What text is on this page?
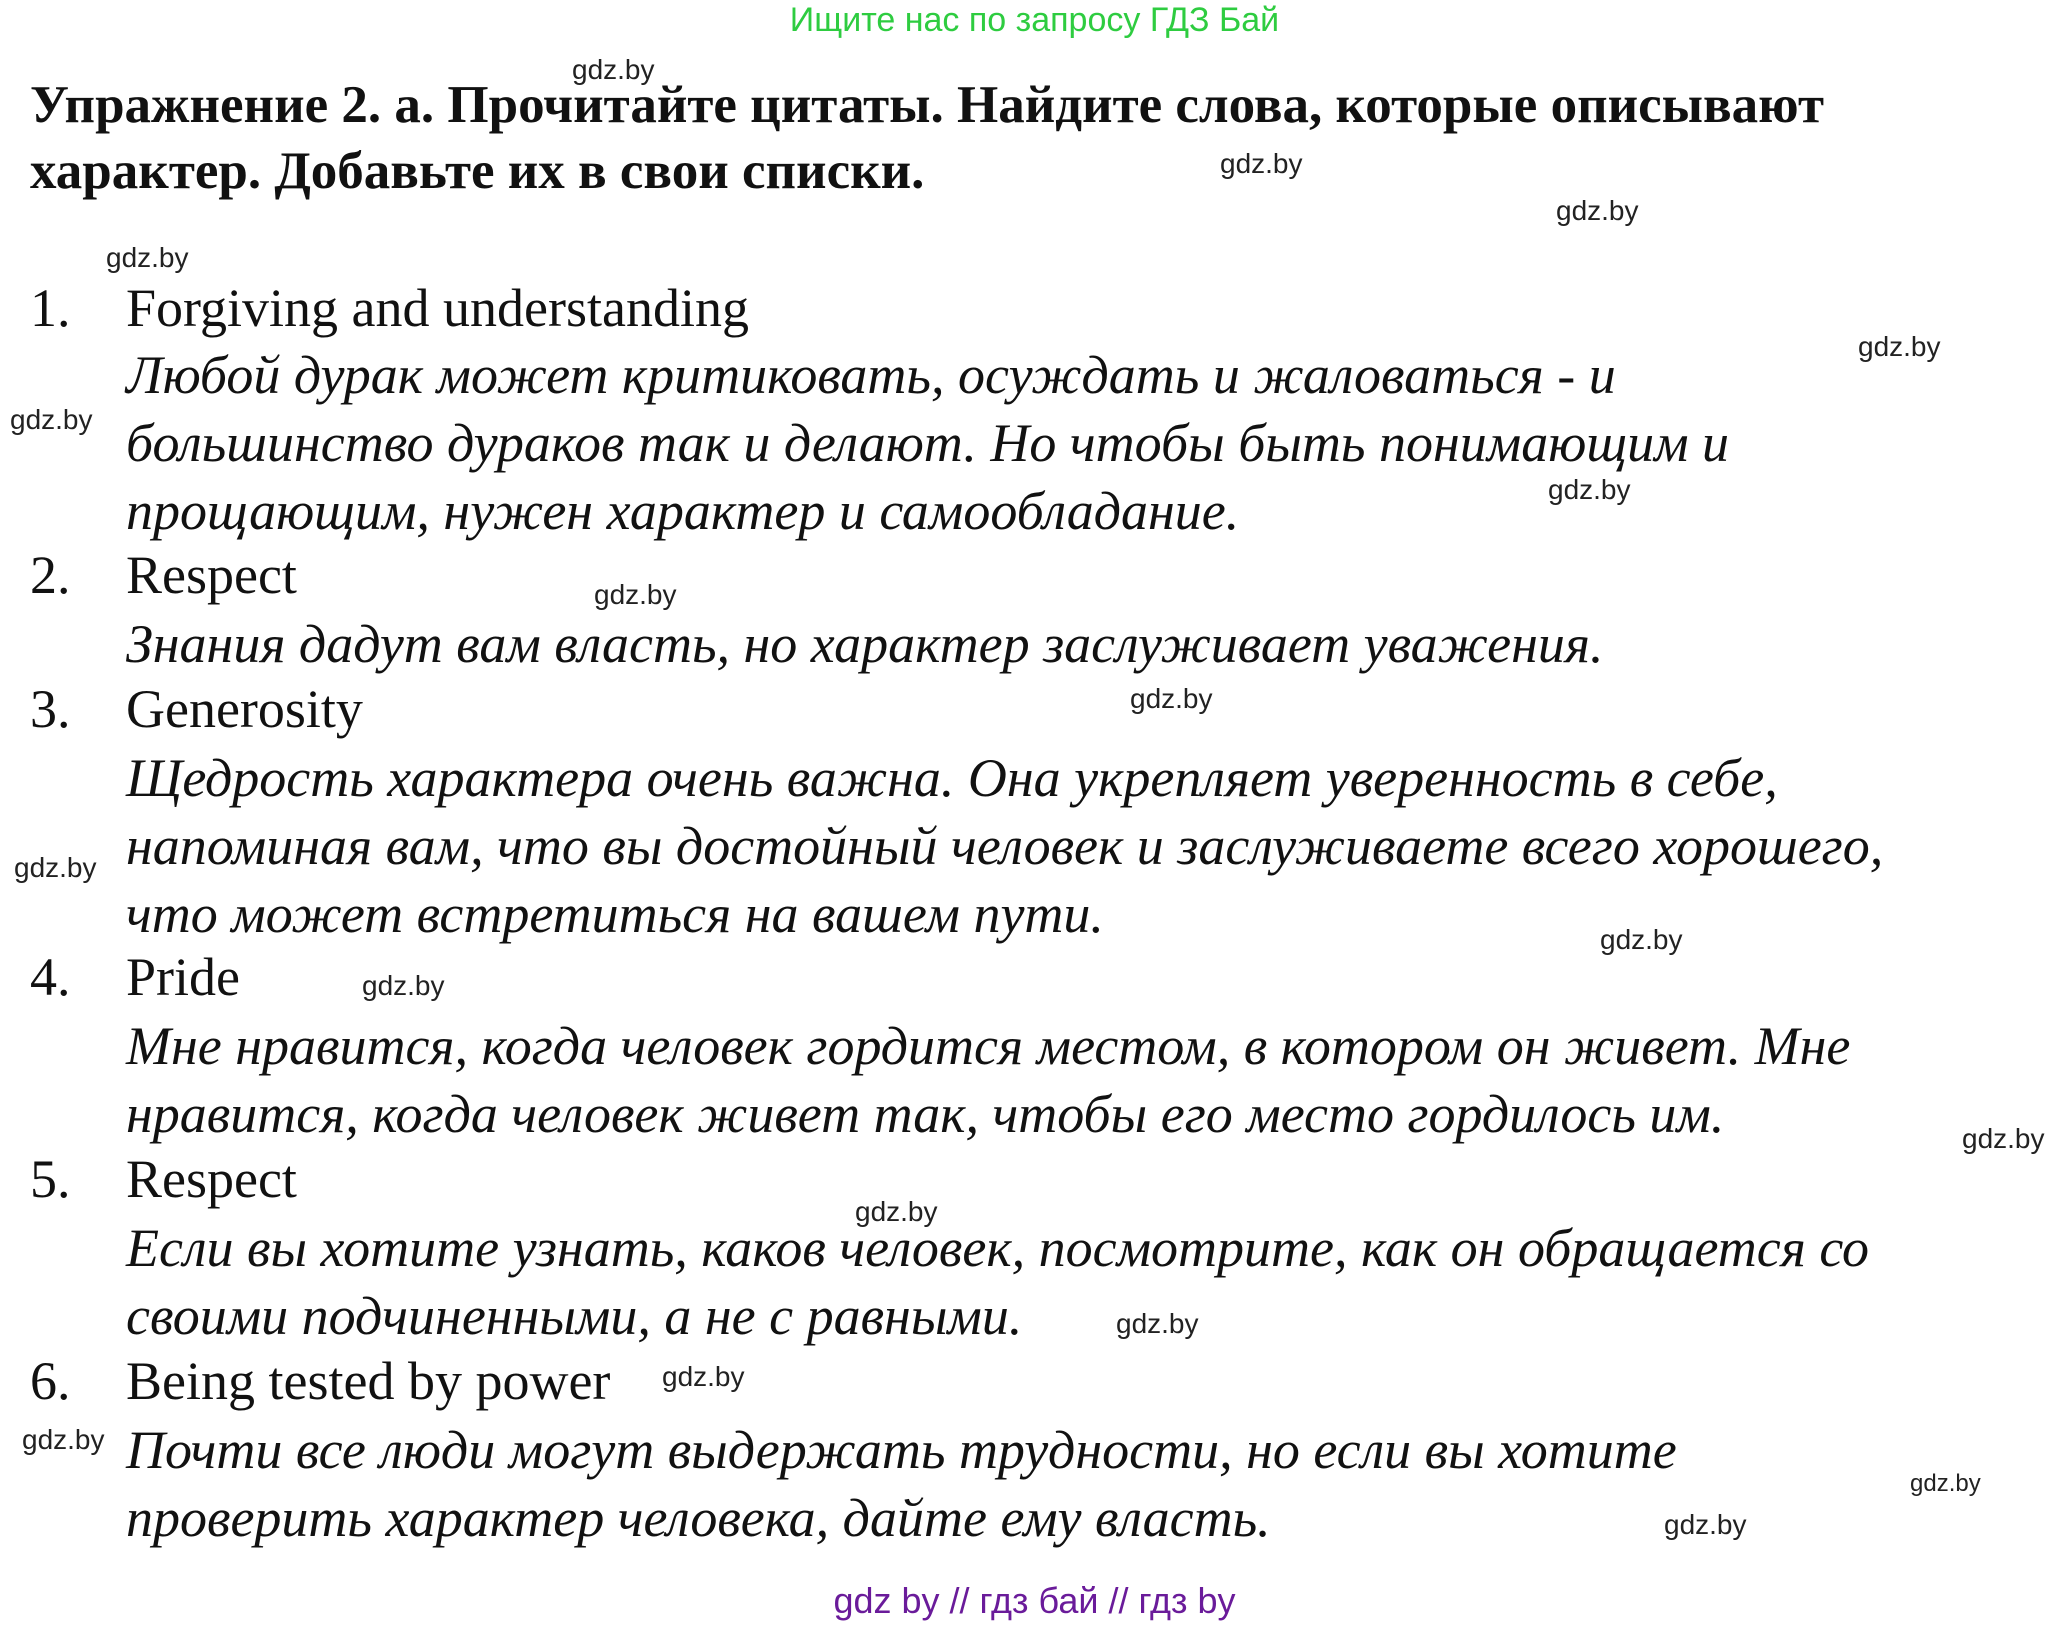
Ищите нас по запросу ГДЗ Бай
Упражнение 2. а. Прочитайте цитаты. Найдите слова, которые описывают
характер. Добавьте их в свои списки.
1. Forgiving and understanding
Любой дурак может критиковать, осуждать и жаловаться - и
большинство дураков так и делают. Но чтобы быть понимающим и
прощающим, нужен характер и самообладание.
2. Respect
Знания дадут вам власть, но характер заслуживает уважения.
3. Generosity
Щедрость характера очень важна. Она укрепляет уверенность в себе,
напоминая вам, что вы достойный человек и заслуживаете всего хорошего,
что может встретиться на вашем пути.
4. Pride
Мне нравится, когда человек гордится местом, в котором он живет. Мне
нравится, когда человек живет так, чтобы его место гордилось им.
5. Respect
Если вы хотите узнать, каков человек, посмотрите, как он обращается со
своими подчиненными, а не с равными.
6. Being tested by power
Почти все люди могут выдержать трудности, но если вы хотите
проверить характер человека, дайте ему власть.
gdz.by
gdz.by
gdz.by
gdz.by
gdz.by
gdz.by
gdz.by
gdz.by
gdz.by
gdz.by
gdz.by
gdz.by
gdz.by
gdz.by
gdz.by
gdz.by
gdz.by
gdz.by
gdz.by
gdz by // гдз бай // гдз by
